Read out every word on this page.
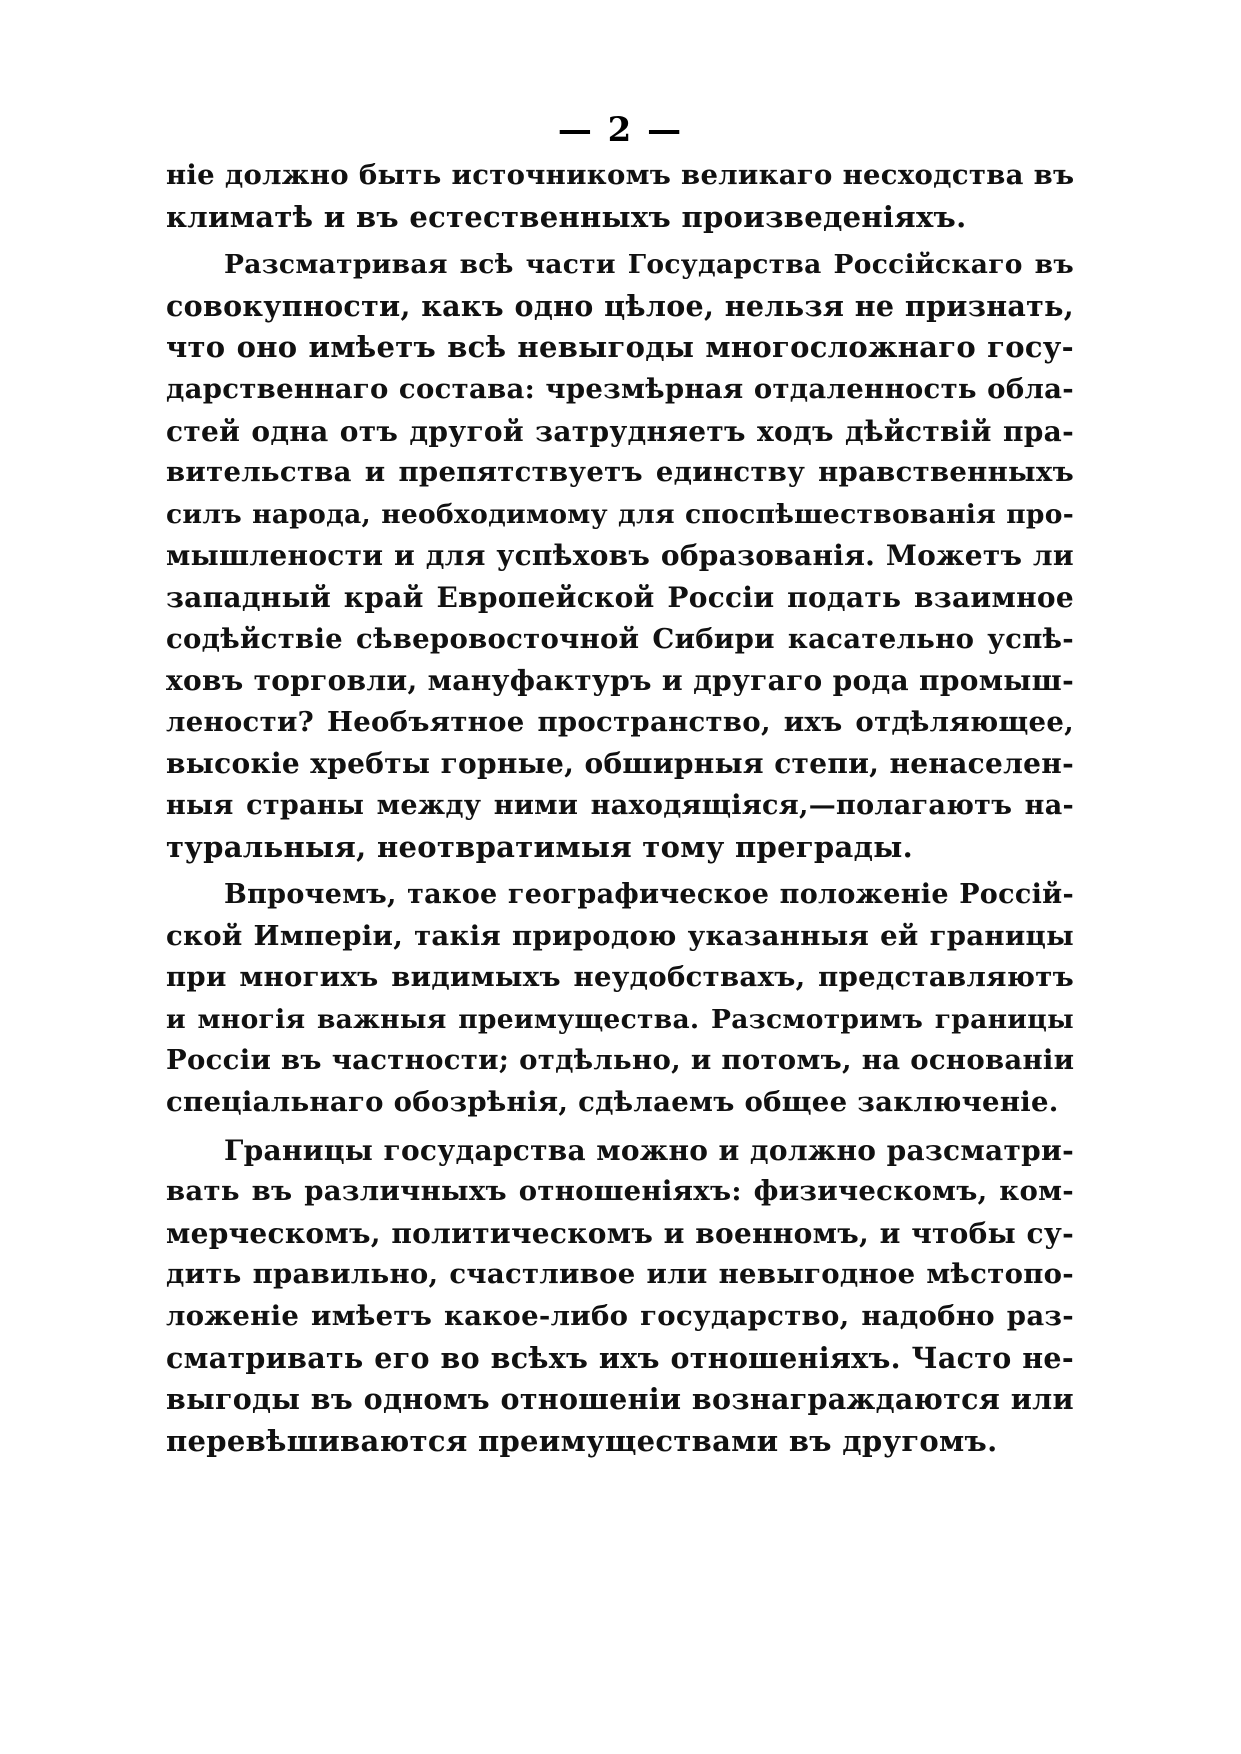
— 2 —
ніе должно быть источникомъ великаго несходства въ
климатѣ и въ естественныхъ произведеніяхъ.
Разсматривая всѣ части Государства Россійскаго въ
совокупности, какъ одно цѣлое, нельзя не признать,
что оно имѣетъ всѣ невыгоды многосложнаго госу-
дарственнаго состава: чрезмѣрная отдаленность обла-
стей одна отъ другой затрудняетъ ходъ дѣйствій пра-
вительства и препятствуетъ единству нравственныхъ
силъ народа, необходимому для споспѣшествованія про-
мышлености и для успѣховъ образованія. Можетъ ли
западный край Европейской Россіи подать взаимное
содѣйствіе сѣверовосточной Сибири касательно успѣ-
ховъ торговли, мануфактуръ и другаго рода промыш-
лености? Необъятное пространство, ихъ отдѣляющее,
высокіе хребты горные, обширныя степи, ненаселен-
ныя страны между ними находящіяся,—полагаютъ на-
туральныя, неотвратимыя тому преграды.
Впрочемъ, такое географическое положеніе Россій-
ской Имперіи, такія природою указанныя ей границы
при многихъ видимыхъ неудобствахъ, представляютъ
и многія важныя преимущества. Разсмотримъ границы
Россіи въ частности; отдѣльно, и потомъ, на основаніи
спеціальнаго обозрѣнія, сдѣлаемъ общее заключеніе.
Границы государства можно и должно разсматри-
вать въ различныхъ отношеніяхъ: физическомъ, ком-
мерческомъ, политическомъ и военномъ, и чтобы су-
дить правильно, счастливое или невыгодное мѣстопо-
ложеніе имѣетъ какое-либо государство, надобно раз-
сматривать его во всѣхъ ихъ отношеніяхъ. Часто не-
выгоды въ одномъ отношеніи вознаграждаются или
перевѣшиваются преимуществами въ другомъ.
